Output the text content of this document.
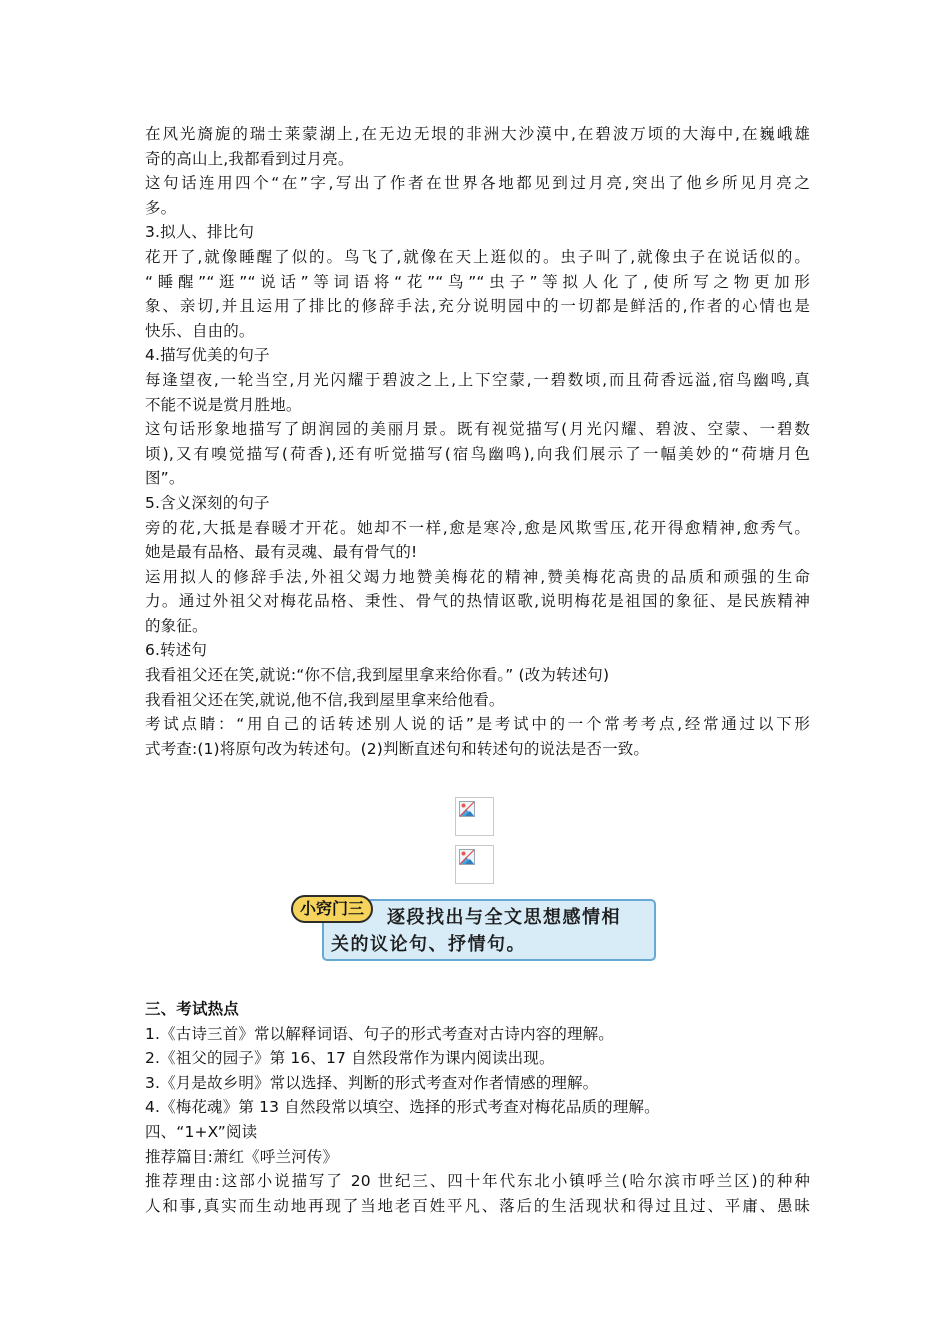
在风光旖旎的瑞士莱蒙湖上,在无边无垠的非洲大沙漠中,在碧波万顷的大海中,在巍峨雄
奇的高山上,我都看到过月亮。
这句话连用四个“在”字,写出了作者在世界各地都见到过月亮,突出了他乡所见月亮之
多。
3.拟人、排比句
花开了,就像睡醒了似的。鸟飞了,就像在天上逛似的。虫子叫了,就像虫子在说话似的。
“睡醒”“逛”“说话”等词语将“花”“鸟”“虫子”等拟人化了,使所写之物更加形
象、亲切,并且运用了排比的修辞手法,充分说明园中的一切都是鲜活的,作者的心情也是
快乐、自由的。
4.描写优美的句子
每逢望夜,一轮当空,月光闪耀于碧波之上,上下空蒙,一碧数顷,而且荷香远溢,宿鸟幽鸣,真
不能不说是赏月胜地。
这句话形象地描写了朗润园的美丽月景。既有视觉描写(月光闪耀、碧波、空蒙、一碧数
顷),又有嗅觉描写(荷香),还有听觉描写(宿鸟幽鸣),向我们展示了一幅美妙的“荷塘月色
图”。
5.含义深刻的句子
旁的花,大抵是春暖才开花。她却不一样,愈是寒冷,愈是风欺雪压,花开得愈精神,愈秀气。
她是最有品格、最有灵魂、最有骨气的!
运用拟人的修辞手法,外祖父竭力地赞美梅花的精神,赞美梅花高贵的品质和顽强的生命
力。通过外祖父对梅花品格、秉性、骨气的热情讴歌,说明梅花是祖国的象征、是民族精神
的象征。
6.转述句
我看祖父还在笑,就说:“你不信,我到屋里拿来给你看。” (改为转述句)
我看祖父还在笑,就说,他不信,我到屋里拿来给他看。
考试点睛：“用自己的话转述别人说的话”是考试中的一个常考考点,经常通过以下形
式考查:(1)将原句改为转述句。(2)判断直述句和转述句的说法是否一致。
小窍门三	逐段找出与全文思想感情相
关的议论句、抒情句。
三、考试热点
1.《古诗三首》常以解释词语、句子的形式考查对古诗内容的理解。
2.《祖父的园子》第 16、17 自然段常作为课内阅读出现。
3.《月是故乡明》常以选择、判断的形式考查对作者情感的理解。
4.《梅花魂》第 13 自然段常以填空、选择的形式考查对梅花品质的理解。
四、“1+X”阅读
推荐篇目:萧红《呼兰河传》
推荐理由:这部小说描写了 20 世纪三、四十年代东北小镇呼兰(哈尔滨市呼兰区)的种种
人和事,真实而生动地再现了当地老百姓平凡、落后的生活现状和得过且过、平庸、愚昧
